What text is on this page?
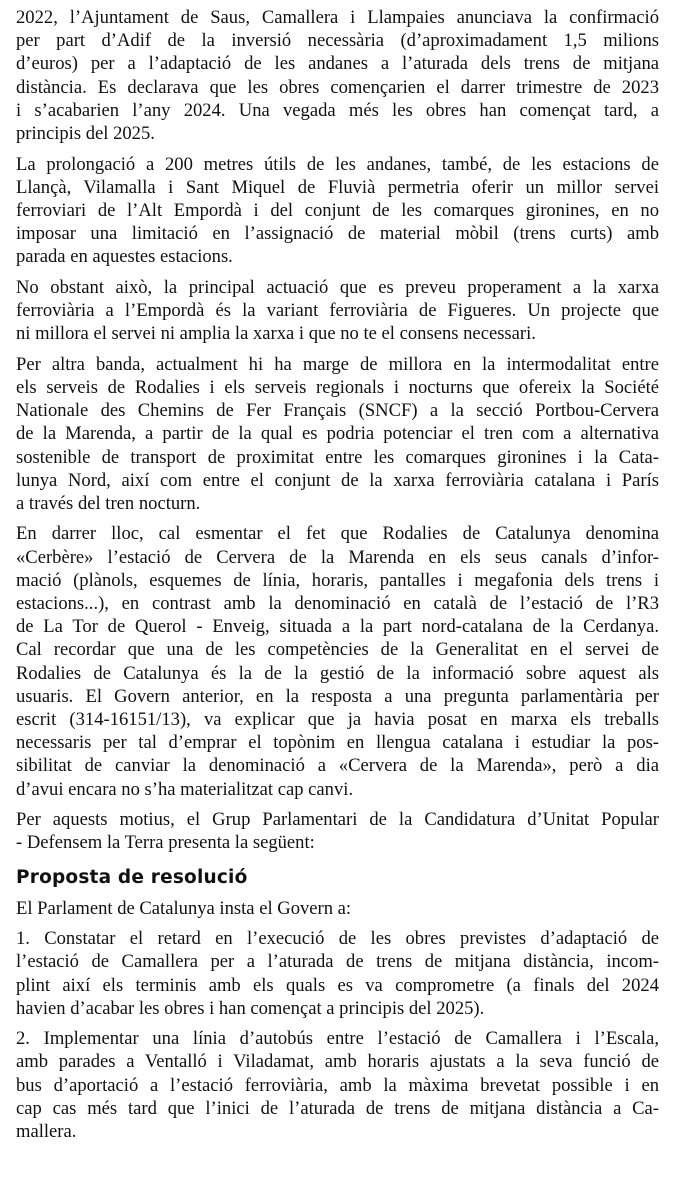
2022, l’Ajuntament de Saus, Camallera i Llampaies anunciava la confirmació
per part d’Adif de la inversió necessària (d’aproximadament 1,5 milions
d’euros) per a l’adaptació de les andanes a l’aturada dels trens de mitjana
distància. Es declarava que les obres començarien el darrer trimestre de 2023
i s’acabarien l’any 2024. Una vegada més les obres han començat tard, a
principis del 2025.

La prolongació a 200 metres útils de les andanes, també, de les estacions de
Llançà, Vilamalla i Sant Miquel de Fluvià permetria oferir un millor servei
ferroviari de l’Alt Empordà i del conjunt de les comarques gironines, en no
imposar una limitació en l’assignació de material mòbil (trens curts) amb
parada en aquestes estacions.

No obstant això, la principal actuació que es preveu properament a la xarxa
ferroviària a l’Empordà és la variant ferroviària de Figueres. Un projecte que
ni millora el servei ni amplia la xarxa i que no te el consens necessari.

Per altra banda, actualment hi ha marge de millora en la intermodalitat entre
els serveis de Rodalies i els serveis regionals i nocturns que ofereix la Société
Nationale des Chemins de Fer Français (SNCF) a la secció Portbou-Cervera
de la Marenda, a partir de la qual es podria potenciar el tren com a alternativa
sostenible de transport de proximitat entre les comarques gironines i la Cata-
lunya Nord, així com entre el conjunt de la xarxa ferroviària catalana i París
a través del tren nocturn.

En darrer lloc, cal esmentar el fet que Rodalies de Catalunya denomina
«Cerbère» l’estació de Cervera de la Marenda en els seus canals d’infor-
mació (plànols, esquemes de línia, horaris, pantalles i megafonia dels trens i
estacions...), en contrast amb la denominació en català de l’estació de l’R3
de La Tor de Querol - Enveig, situada a la part nord-catalana de la Cerdanya.
Cal recordar que una de les competències de la Generalitat en el servei de
Rodalies de Catalunya és la de la gestió de la informació sobre aquest als
usuaris. El Govern anterior, en la resposta a una pregunta parlamentària per
escrit (314-16151/13), va explicar que ja havia posat en marxa els treballs
necessaris per tal d’emprar el topònim en llengua catalana i estudiar la pos-
sibilitat de canviar la denominació a «Cervera de la Marenda», però a dia
d’avui encara no s’ha materialitzat cap canvi.

Per aquests motius, el Grup Parlamentari de la Candidatura d’Unitat Popular
- Defensem la Terra presenta la següent:

Proposta de resolució

El Parlament de Catalunya insta el Govern a:

1. Constatar el retard en l’execució de les obres previstes d’adaptació de
l’estació de Camallera per a l’aturada de trens de mitjana distància, incom-
plint així els terminis amb els quals es va comprometre (a finals del 2024
havien d’acabar les obres i han començat a principis del 2025).

2. Implementar una línia d’autobús entre l’estació de Camallera i l’Escala,
amb parades a Ventalló i Viladamat, amb horaris ajustats a la seva funció de
bus d’aportació a l’estació ferroviària, amb la màxima brevetat possible i en
cap cas més tard que l’inici de l’aturada de trens de mitjana distància a Ca-
mallera.
